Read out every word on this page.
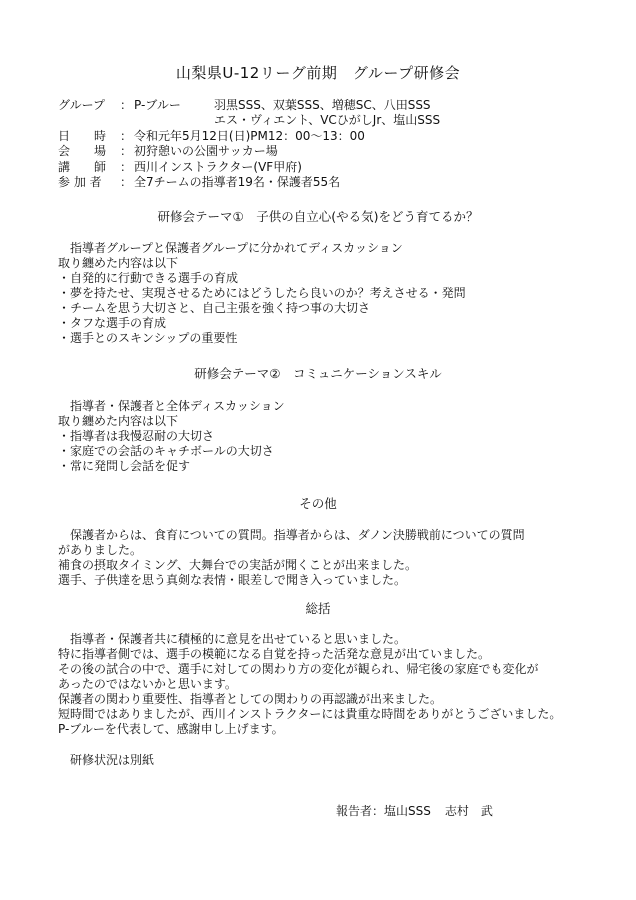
山梨県U-12リーグ前期　グループ研修会
グループ	： P-ブルー	羽黒SSS、双葉SSS、増穂SC、八田SSS
エス・ヴィエント、VCひがしJr、塩山SSS
日　　時	： 令和元年5月12日(日)PM12：00～13：00
会　　場	： 初狩憩いの公園サッカー場
講　　師	： 西川インストラクター(VF甲府)
参 加 者	： 全7チームの指導者19名・保護者55名
研修会テーマ①　子供の自立心(やる気)をどう育てるか？
指導者グループと保護者グループに分かれてディスカッション
取り纏めた内容は以下
・自発的に行動できる選手の育成
・夢を持たせ、実現させるためにはどうしたら良いのか？考えさせる・発問
・チームを思う大切さと、自己主張を強く持つ事の大切さ
・タフな選手の育成
・選手とのスキンシップの重要性
研修会テーマ②　コミュニケーションスキル
指導者・保護者と全体ディスカッション
取り纏めた内容は以下
・指導者は我慢忍耐の大切さ
・家庭での会話のキャチボールの大切さ
・常に発問し会話を促す
その他
保護者からは、食育についての質問。指導者からは、ダノン決勝戦前についての質問
がありました。
補食の摂取タイミング、大舞台での実話が聞くことが出来ました。
選手、子供達を思う真剣な表情・眼差しで聞き入っていました。
総括
指導者・保護者共に積極的に意見を出せていると思いました。
特に指導者側では、選手の模範になる自覚を持った活発な意見が出ていました。
その後の試合の中で、選手に対しての関わり方の変化が観られ、帰宅後の家庭でも変化が
あったのではないかと思います。
保護者の関わり重要性、指導者としての関わりの再認識が出来ました。
短時間ではありましたが、西川インストラクターには貴重な時間をありがとうございました。
P-ブルーを代表して、感謝申し上げます。
研修状況は別紙
報告者：塩山SSS 志村　武
